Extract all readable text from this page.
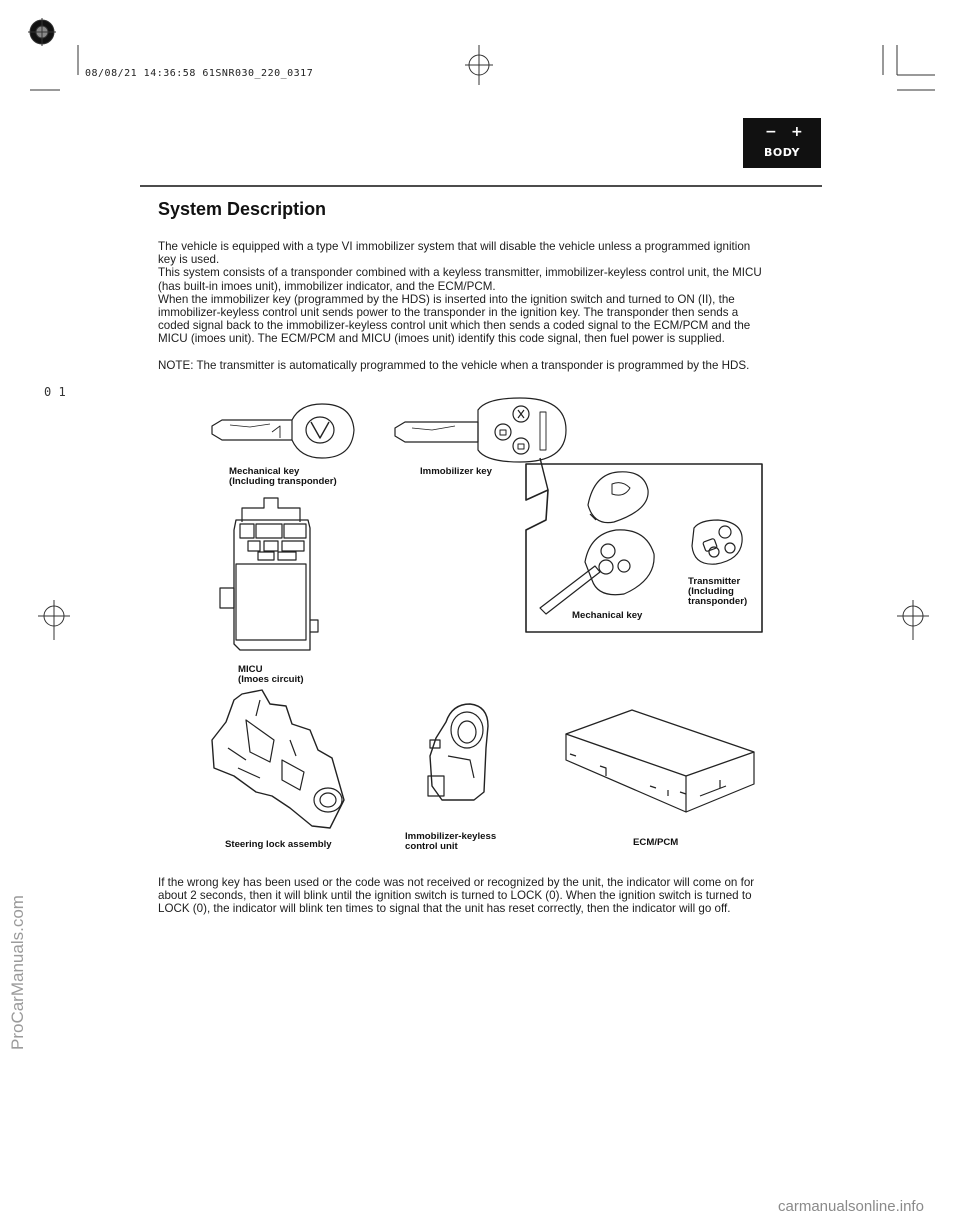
08/08/21 14:36:58 61SNR030_220_0317
0 1
− +
BODY
System Description

The vehicle is equipped with a type VI immobilizer system that will disable the vehicle unless a programmed ignition

key is used.

This system consists of a transponder combined with a keyless transmitter, immobilizer-keyless control unit, the MICU

(has built-in imoes unit), immobilizer indicator, and the ECM/PCM.

When the immobilizer key (programmed by the HDS) is inserted into the ignition switch and turned to ON (II), the

immobilizer-keyless control unit sends power to the transponder in the ignition key. The transponder then sends a

coded signal back to the immobilizer-keyless control unit which then sends a coded signal to the ECM/PCM and the

MICU (imoes unit). The ECM/PCM and MICU (imoes unit) identify this code signal, then fuel power is supplied.

NOTE: The transmitter is automatically programmed to the vehicle when a transponder is programmed by the HDS.

Mechanical key
(Including transponder)
Immobilizer key
Transmitter
(Including
transponder)
Mechanical key
MICU
(Imoes circuit)
Steering lock assembly
Immobilizer-keyless
control unit	ECM/PCM

If the wrong key has been used or the code was not received or recognized by the unit, the indicator will come on for

about 2 seconds, then it will blink until the ignition switch is turned to LOCK (0). When the ignition switch is turned to

LOCK (0), the indicator will blink ten times to signal that the unit has reset correctly, then the indicator will go off.

ProCarManuals.com
carmanualsonline.info
